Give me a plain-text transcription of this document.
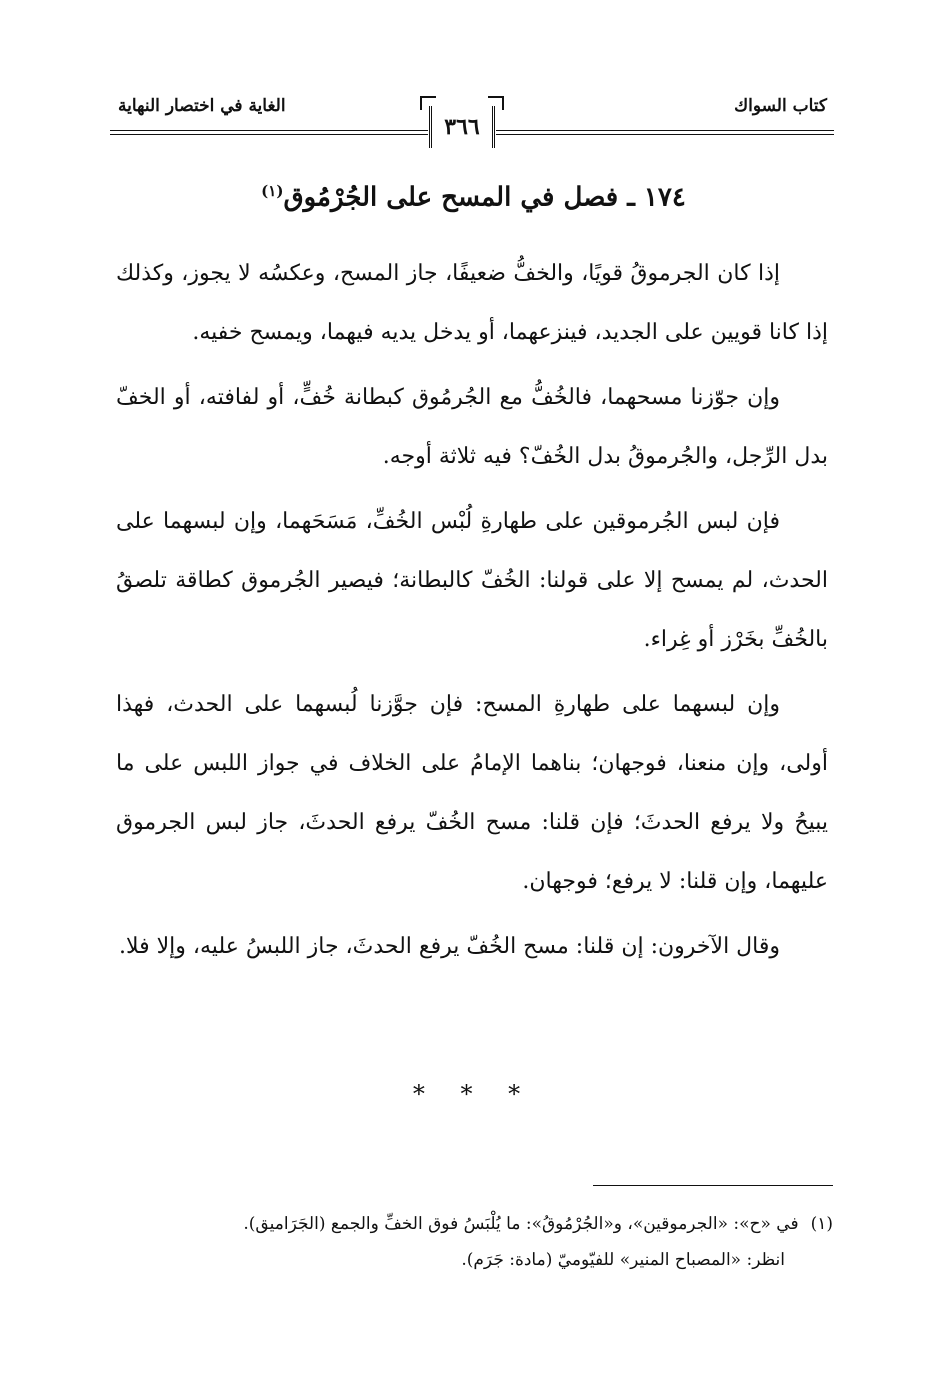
كتاب السواك
الغاية في اختصار النهاية
٣٦٦
١٧٤ ـ فصل في المسح على الجُرْمُوق$^{(١)}$

إذا كان الجرموقُ قويًا، والخفُّ ضعيفًا، جاز المسح، وعكسُه لا يجوز، وكذلك إذا كانا قويين على الجديد، فينزعهما، أو يدخل يديه فيهما، ويمسح خفيه.

وإن جوّزنا مسحهما، فالخُفُّ مع الجُرمُوق كبطانة خُفٍّ، أو لفافته، أو الخفّ بدل الرِّجل، والجُرموقُ بدل الخُفّ؟ فيه ثلاثة أوجه.

فإن لبس الجُرموقين على طهارةِ لُبْس الخُفِّ، مَسَحَهما، وإن لبسهما على الحدث، لم يمسح إلا على قولنا: الخُفّ كالبطانة؛ فيصير الجُرموق كطاقة تلصقُ بالخُفِّ بخَرْز أو غِراء.

وإن لبسهما على طهارةِ المسح: فإن جوَّزنا لُبسهما على الحدث، فهذا أولى، وإن منعنا، فوجهان؛ بناهما الإمامُ على الخلاف في جواز اللبس على ما يبيحُ ولا يرفع الحدثَ؛ فإن قلنا: مسح الخُفّ يرفع الحدثَ، جاز لبس الجرموق عليهما، وإن قلنا: لا يرفع؛ فوجهان.

وقال الآخرون: إن قلنا: مسح الخُفّ يرفع الحدثَ، جاز اللبسُ عليه، وإلا فلا.

* * *
(١)في «ح»: «الجرموقين»، و«الجُرْمُوقُ»: ما يُلْبَسُ فوق الخفِّ والجمع (الجَرَاميق).
انظر: «المصباح المنير» للفيّوميّ (مادة: جَرَم).
